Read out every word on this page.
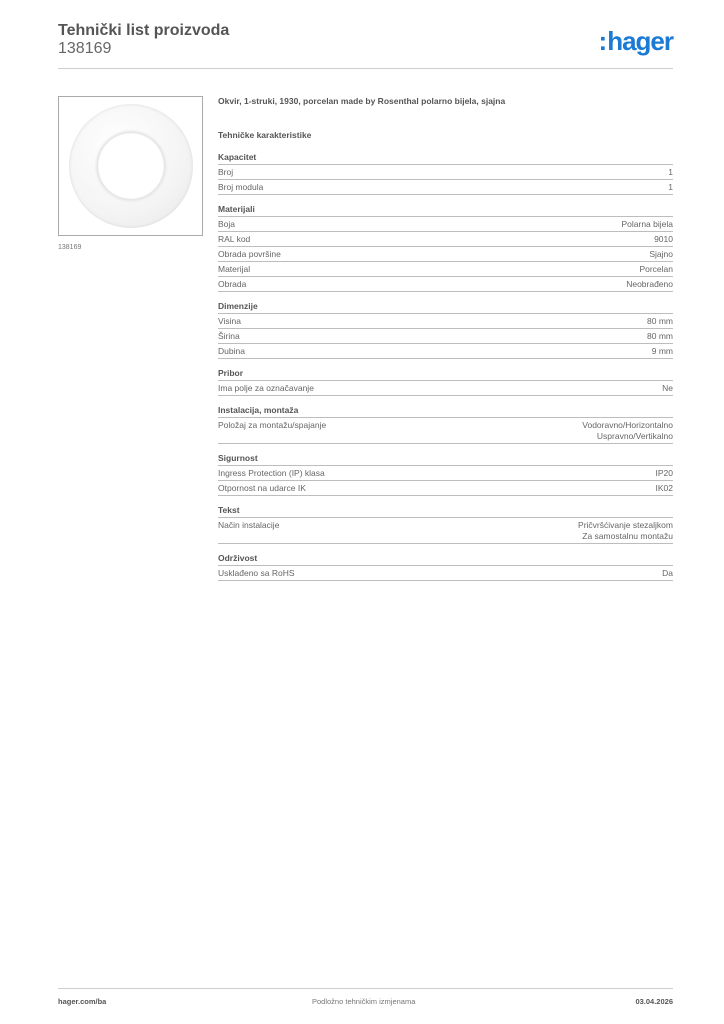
Tehnički list proizvoda
138169	:hager
138169
Okvir, 1-struki, 1930, porcelan made by Rosenthal polarno bijela, sjajna
Tehničke karakteristike
Kapacitet
Broj	1
Broj modula	1
Materijali
Boja	Polarna bijela
RAL kod	9010
Obrada površine	Sjajno
Materijal	Porcelan
Obrada	Neobrađeno
Dimenzije
Visina	80 mm
Širina	80 mm
Dubina	9 mm
Pribor
Ima polje za označavanje	Ne
Instalacija, montaža
Položaj za montažu/spajanje	Vodoravno/Horizontalno
Uspravno/Vertikalno
Sigurnost
Ingress Protection (IP) klasa	IP20
Otpornost na udarce IK	IK02
Tekst
Način instalacije	Pričvršćivanje stezaljkom
Za samostalnu montažu
Održivost
Usklađeno sa RoHS	Da
hager.com/ba	Podložno tehničkim izmjenama	03.04.2026
